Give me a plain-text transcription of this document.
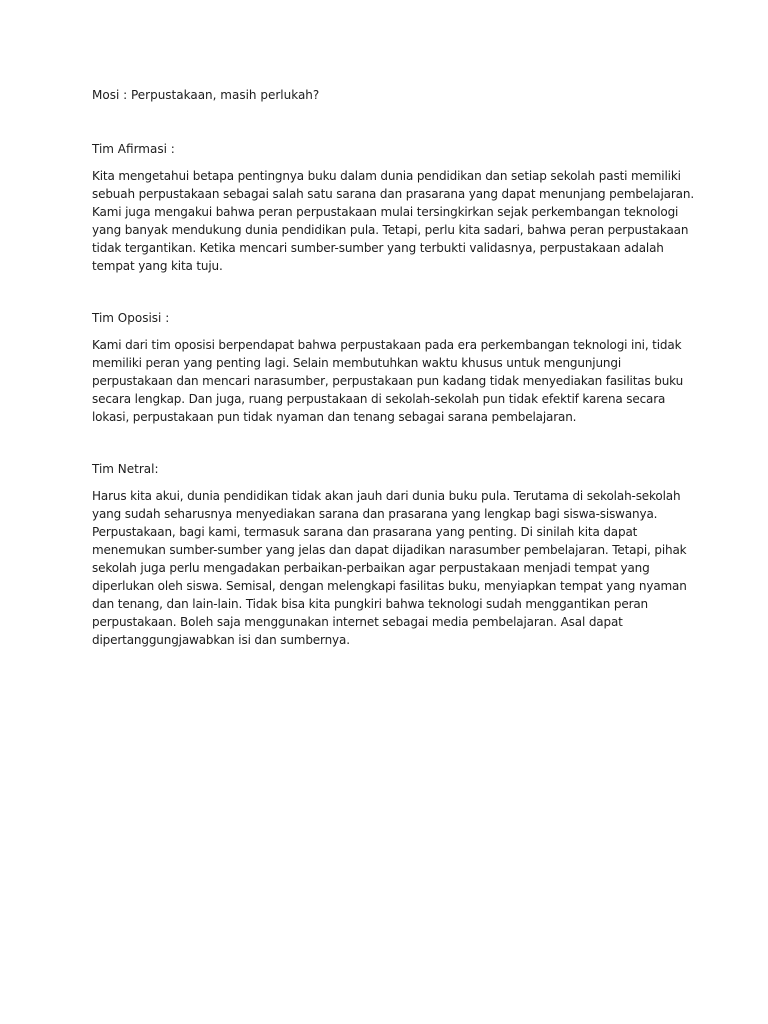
Mosi : Perpustakaan, masih perlukah?

Tim Afirmasi :

Kita mengetahui betapa pentingnya buku dalam dunia pendidikan dan setiap sekolah pasti memiliki
sebuah perpustakaan sebagai salah satu sarana dan prasarana yang dapat menunjang pembelajaran.
Kami juga mengakui bahwa peran perpustakaan mulai tersingkirkan sejak perkembangan teknologi
yang banyak mendukung dunia pendidikan pula. Tetapi, perlu kita sadari, bahwa peran perpustakaan
tidak tergantikan. Ketika mencari sumber-sumber yang terbukti validasnya, perpustakaan adalah
tempat yang kita tuju.

Tim Oposisi :

Kami dari tim oposisi berpendapat bahwa perpustakaan pada era perkembangan teknologi ini, tidak
memiliki peran yang penting lagi. Selain membutuhkan waktu khusus untuk mengunjungi
perpustakaan dan mencari narasumber, perpustakaan pun kadang tidak menyediakan fasilitas buku
secara lengkap. Dan juga, ruang perpustakaan di sekolah-sekolah pun tidak efektif karena secara
lokasi, perpustakaan pun tidak nyaman dan tenang sebagai sarana pembelajaran.

Tim Netral:

Harus kita akui, dunia pendidikan tidak akan jauh dari dunia buku pula. Terutama di sekolah-sekolah
yang sudah seharusnya menyediakan sarana dan prasarana yang lengkap bagi siswa-siswanya.
Perpustakaan, bagi kami, termasuk sarana dan prasarana yang penting. Di sinilah kita dapat
menemukan sumber-sumber yang jelas dan dapat dijadikan narasumber pembelajaran. Tetapi, pihak
sekolah juga perlu mengadakan perbaikan-perbaikan agar perpustakaan menjadi tempat yang
diperlukan oleh siswa. Semisal, dengan melengkapi fasilitas buku, menyiapkan tempat yang nyaman
dan tenang, dan lain-lain. Tidak bisa kita pungkiri bahwa teknologi sudah menggantikan peran
perpustakaan. Boleh saja menggunakan internet sebagai media pembelajaran. Asal dapat
dipertanggungjawabkan isi dan sumbernya.
